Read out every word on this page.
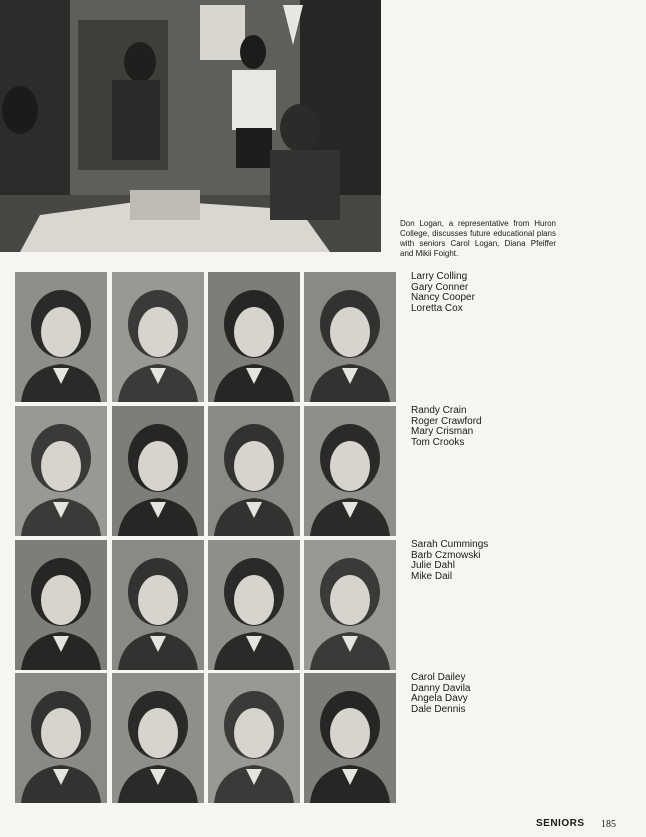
Don Logan, a representative from Huron College, discusses future educational plans with seniors Carol Logan, Diana Pfeiffer and Mikii Foight.

Larry Colling
Gary Conner
Nancy Cooper
Loretta Cox
Randy Crain
Roger Crawford
Mary Crisman
Tom Crooks
Sarah Cummings
Barb Czmowski
Julie Dahl
Mike Dail
Carol Dailey
Danny Davila
Angela Davy
Dale Dennis
SENIORS 185
